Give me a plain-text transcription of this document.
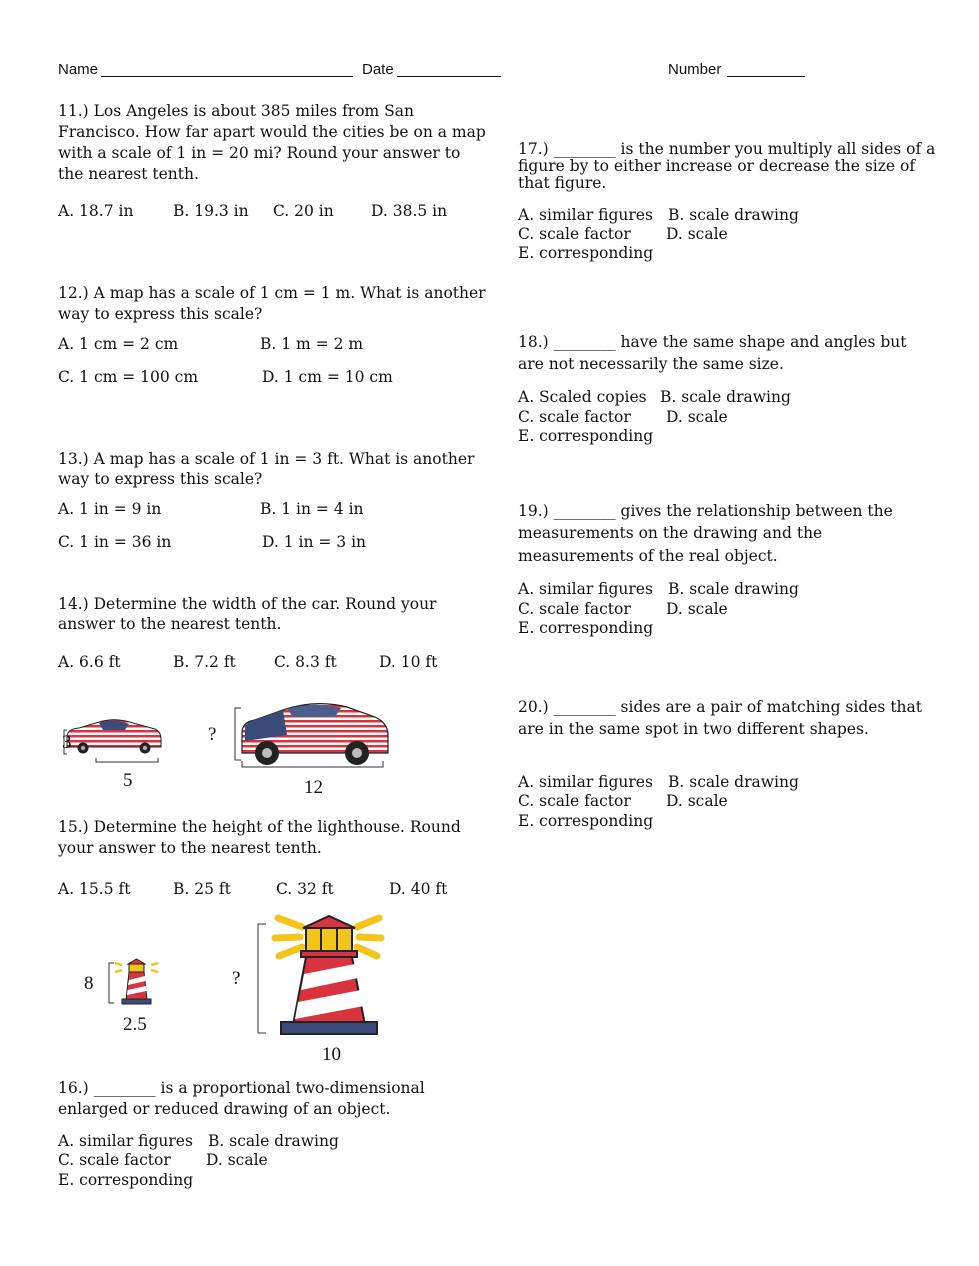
Name	Date	Number
11.) Los Angeles is about 385 miles from San
Francisco. How far apart would the cities be on a map
with a scale of 1 in = 20 mi? Round your answer to
the nearest tenth.
A. 18.7 in	B. 19.3 in C. 20 in D. 38.5 in
12.) A map has a scale of 1 cm = 1 m. What is another
way to express this scale?
A. 1 cm = 2 cm	B. 1 m = 2 m
C. 1 cm = 100 cm	D. 1 cm = 10 cm
13.) A map has a scale of 1 in = 3 ft. What is another
way to express this scale?
A. 1 in = 9 in	B. 1 in = 4 in
C. 1 in = 36 in	D. 1 in = 3 in
14.) Determine the width of the car. Round your
answer to the nearest tenth.
A. 6.6 ft	B. 7.2 ft C. 8.3 ft	D. 10 ft
3
5
?
12
15.) Determine the height of the lighthouse. Round
your answer to the nearest tenth.
A. 15.5 ft	B. 25 ft	C. 32 ft	D. 40 ft
8
2.5
?
10
16.) ________ is a proportional two-dimensional
enlarged or reduced drawing of an object.
A. similar figures B. scale drawing
C. scale factor D. scale
E. corresponding
17.) ________ is the number you multiply all sides of a
figure by to either increase or decrease the size of
that figure.
A. similar figures B. scale drawing
C. scale factor D. scale
E. corresponding
18.) ________ have the same shape and angles but
are not necessarily the same size.
A. Scaled copies B. scale drawing
C. scale factor D. scale
E. corresponding
19.) ________ gives the relationship between the
measurements on the drawing and the
measurements of the real object.
A. similar figures B. scale drawing
C. scale factor D. scale
E. corresponding
20.) ________ sides are a pair of matching sides that
are in the same spot in two different shapes.
A. similar figures B. scale drawing
C. scale factor D. scale
E. corresponding
